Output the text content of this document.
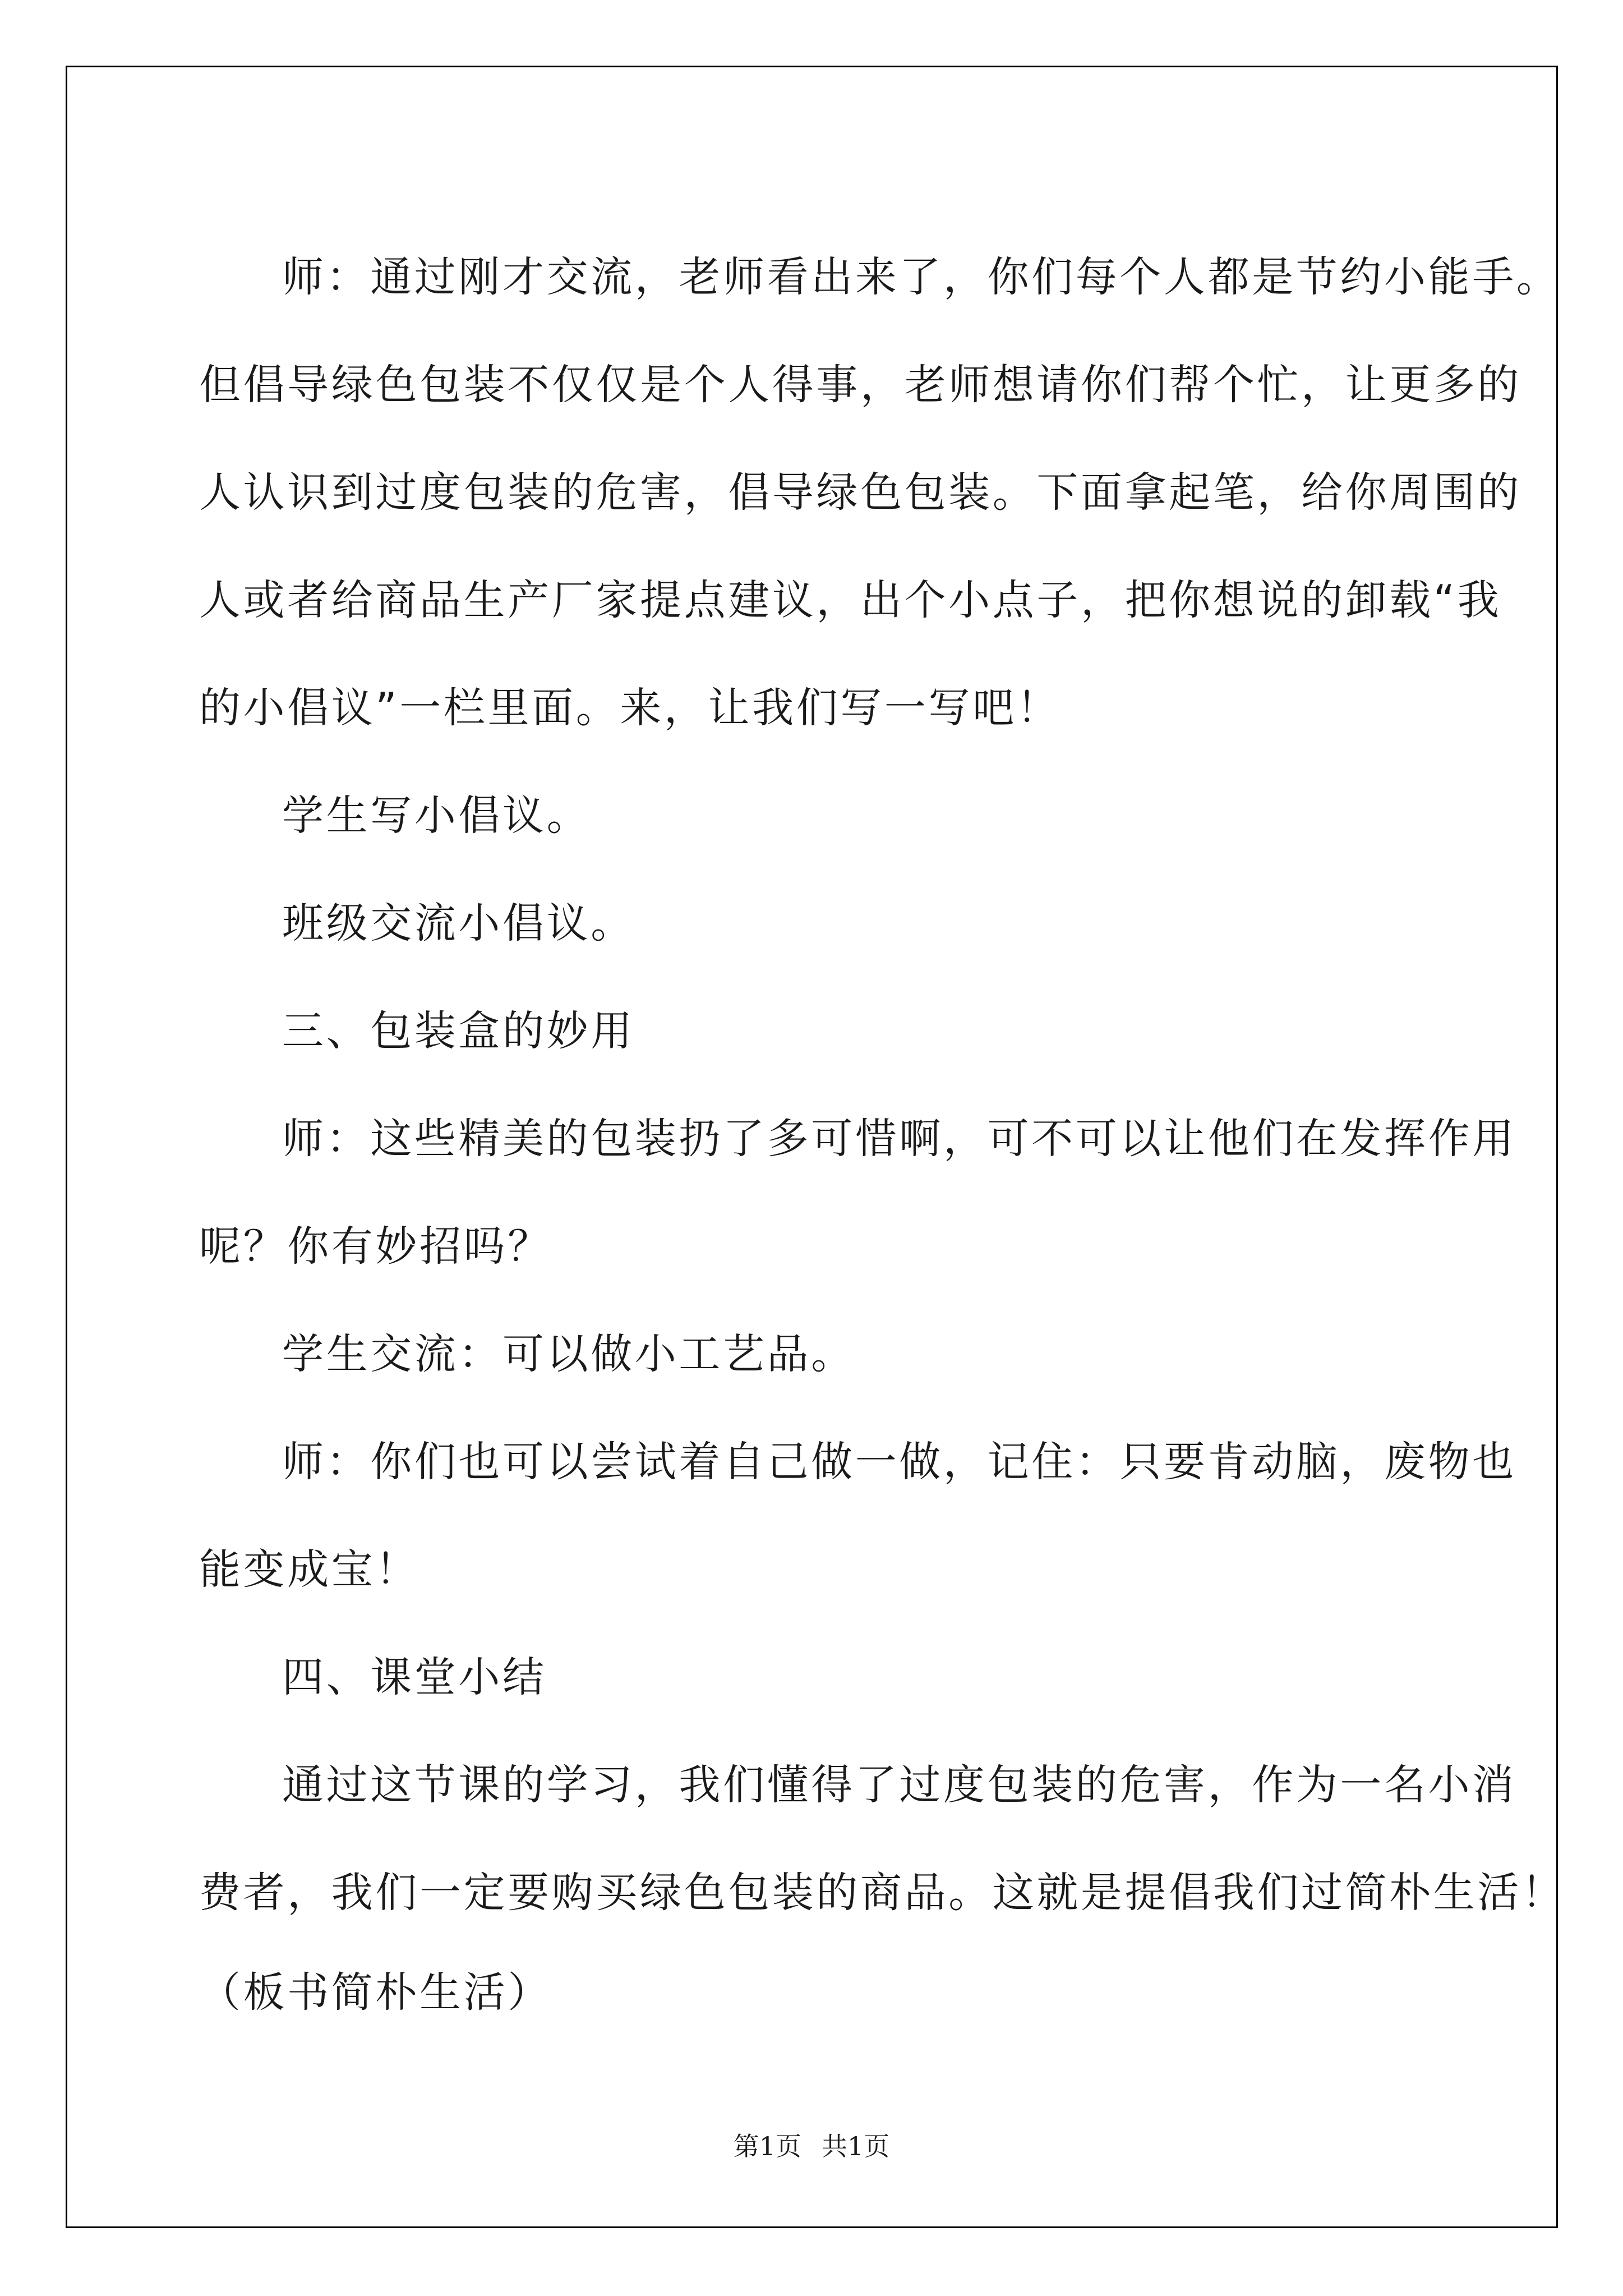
师：通过刚才交流，老师看出来了，你们每个人都是节约小能手。
但倡导绿色包装不仅仅是个人得事，老师想请你们帮个忙，让更多的
人认识到过度包装的危害，倡导绿色包装。下面拿起笔，给你周围的
人或者给商品生产厂家提点建议，出个小点子，把你想说的卸载“我
的小倡议”一栏里面。来，让我们写一写吧！

学生写小倡议。

班级交流小倡议。

三、包装盒的妙用

师：这些精美的包装扔了多可惜啊，可不可以让他们在发挥作用
呢？你有妙招吗？

学生交流：可以做小工艺品。

师：你们也可以尝试着自己做一做，记住：只要肯动脑，废物也
能变成宝！

四、课堂小结

通过这节课的学习，我们懂得了过度包装的危害，作为一名小消
费者，我们一定要购买绿色包装的商品。这就是提倡我们过简朴生活！
（板书简朴生活）

第1页 共1页
